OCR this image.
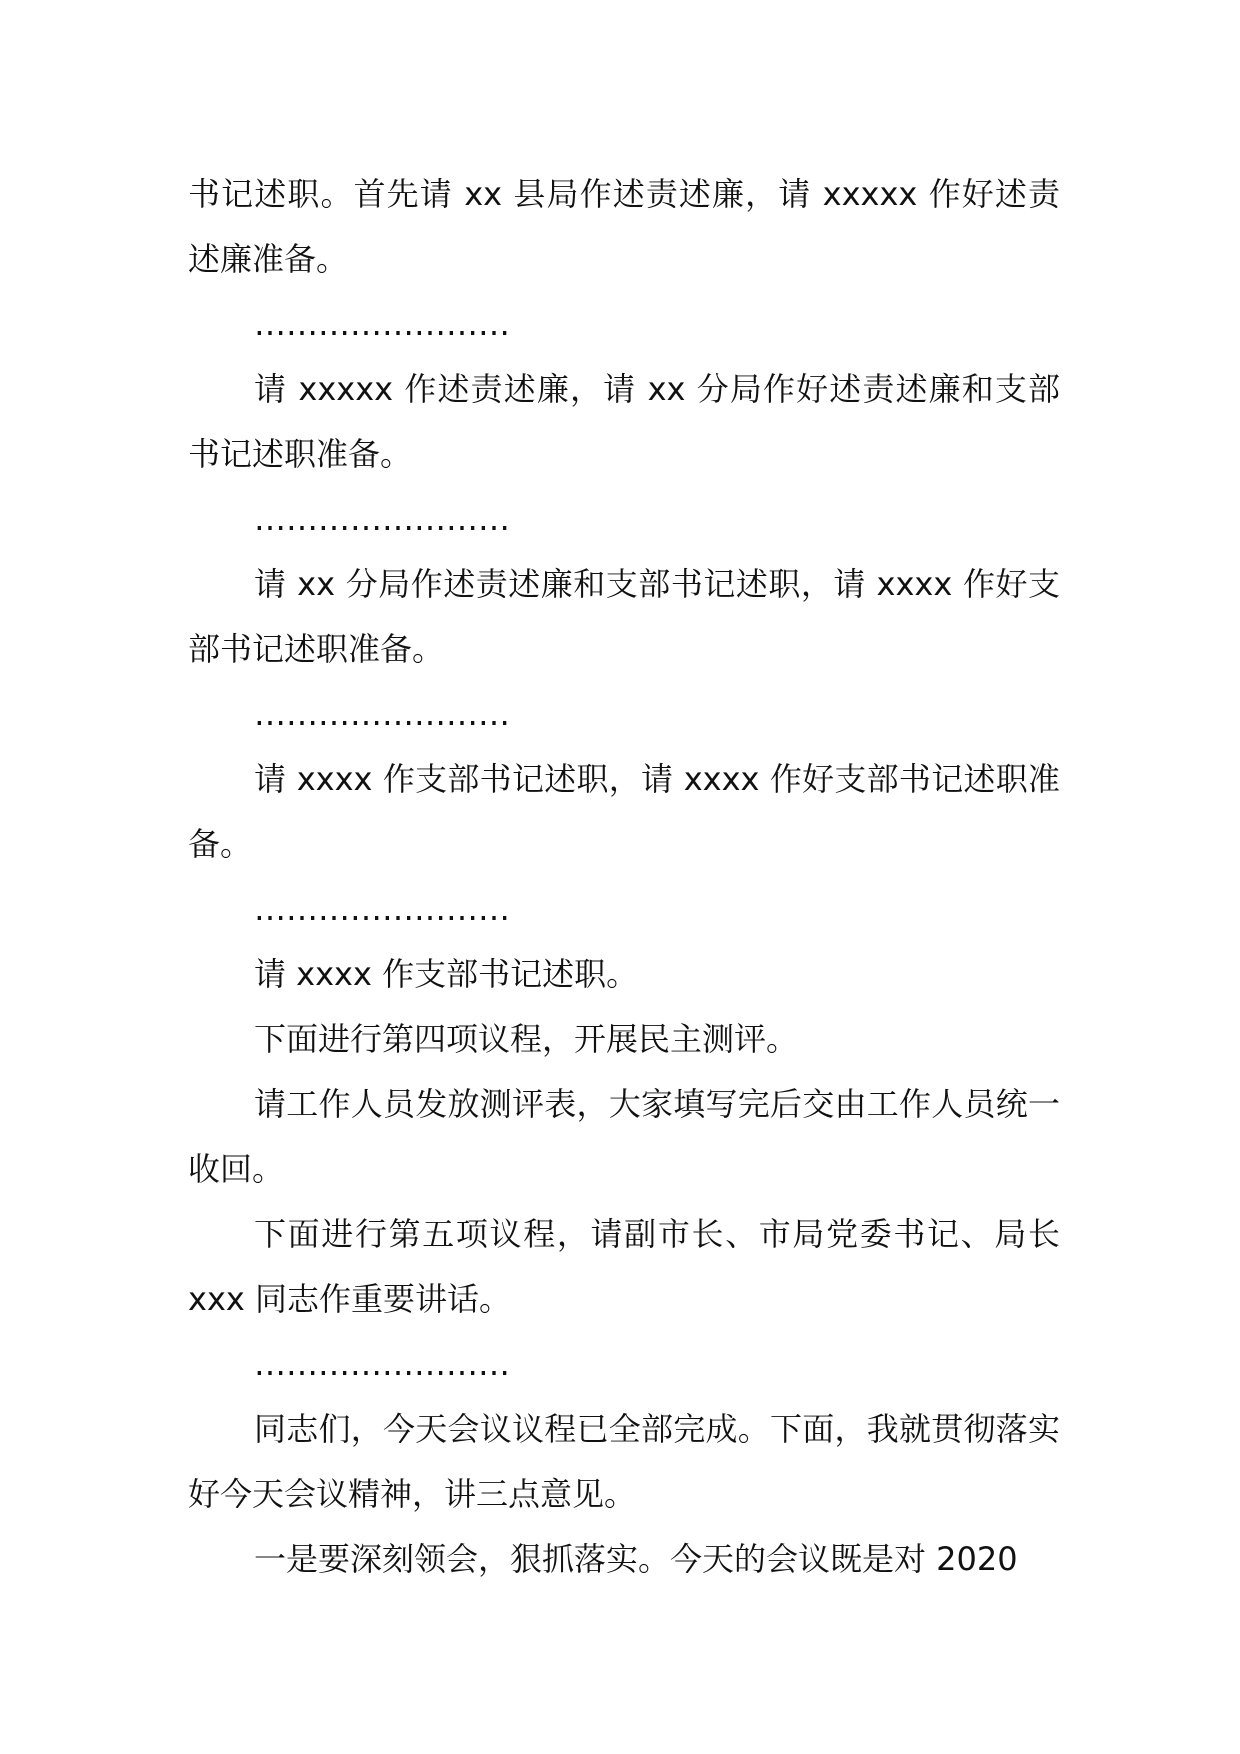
书记述职。首先请 xx 县局作述责述廉，请 xxxxx 作好述责述廉准备。

……………………

请 xxxxx 作述责述廉，请 xx 分局作好述责述廉和支部书记述职准备。

……………………

请 xx 分局作述责述廉和支部书记述职，请 xxxx 作好支部书记述职准备。

……………………

请 xxxx 作支部书记述职，请 xxxx 作好支部书记述职准备。

……………………

请 xxxx 作支部书记述职。

下面进行第四项议程，开展民主测评。

请工作人员发放测评表，大家填写完后交由工作人员统一收回。

下面进行第五项议程，请副市长、市局党委书记、局长 xxx 同志作重要讲话。

……………………

同志们，今天会议议程已全部完成。下面，我就贯彻落实好今天会议精神，讲三点意见。

一是要深刻领会，狠抓落实。今天的会议既是对 2020
